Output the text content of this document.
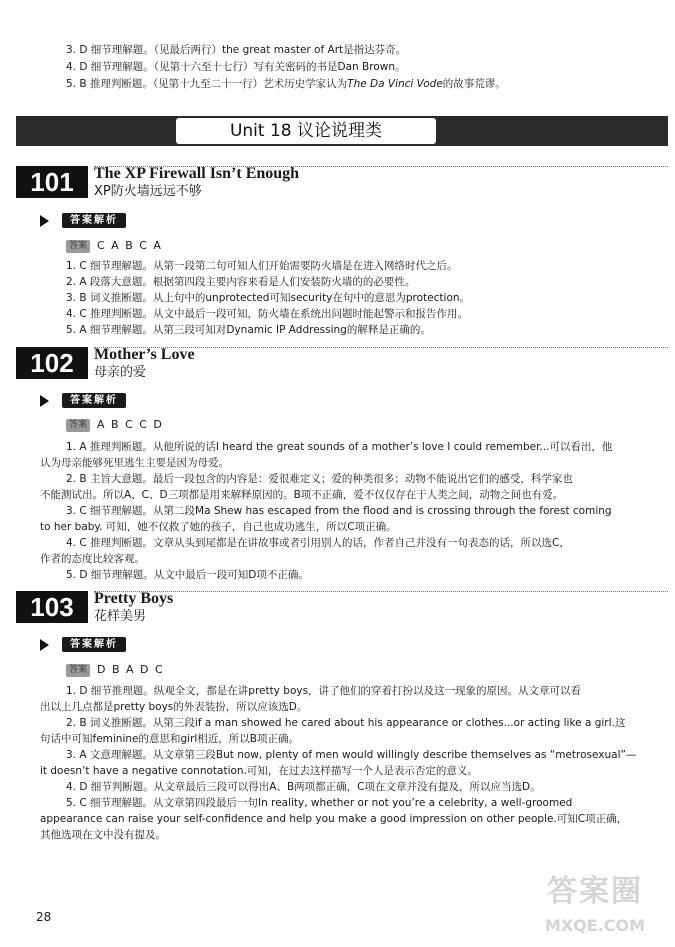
3. D 细节理解题。（见最后两行）the great master of Art是指达芬奇。
4. D 细节理解题。（见第十六至十七行）写有关密码的书是Dan Brown。
5. B 推理判断题。（见第十九至二十一行）艺术历史学家认为The Da Vinci Vode的故事荒谬。
Unit 18 议论说理类
101	The XP Firewall Isn’t Enough
XP防火墙远远不够
答案解析
答案 C A B C A
1. C 细节理解题。从第一段第二句可知人们开始需要防火墙是在进入网络时代之后。
2. A 段落大意题。根据第四段主要内容来看是人们安装防火墙的的必要性。
3. B 词义推断题。从上句中的unprotected可知security在句中的意思为protection。
4. C 推理判断题。从文中最后一段可知，防火墙在系统出问题时能起警示和报告作用。
5. A 细节理解题。从第三段可知对Dynamic IP Addressing的解释是正确的。
102	Mother’s Love
母亲的爱
答案解析
答案 A B C C D
1. A 推理判断题。从他所说的话I heard the great sounds of a mother’s love I could remember...可以看出，他
认为母亲能够死里逃生主要是因为母爱。
2. B 主旨大意题。最后一段包含的内容是：爱很难定义；爱的种类很多；动物不能说出它们的感受，科学家也
不能测试出。所以A、C、D三项都是用来解释原因的。B项不正确，爱不仅仅存在于人类之间，动物之间也有爱。
3. C 细节理解题。从第二段Ma Shew has escaped from the flood and is crossing through the forest coming
to her baby. 可知，她不仅救了她的孩子，自己也成功逃生，所以C项正确。
4. C 推理判断题。文章从头到尾都是在讲故事或者引用别人的话，作者自己并没有一句表态的话，所以选C，
作者的态度比较客观。
5. D 细节理解题。从文中最后一段可知D项不正确。
103	Pretty Boys
花样美男
答案解析
答案 D B A D C
1. D 细节推理题。纵观全文，都是在讲pretty boys，讲了他们的穿着打扮以及这一现象的原因。从文章可以看
出以上几点都是pretty boys的外表装扮，所以应该选D。
2. B 词义推断题。从第三段if a man showed he cared about his appearance or clothes...or acting like a girl.这
句话中可知feminine的意思和girl相近，所以B项正确。
3. A 文意理解题。从文章第三段But now, plenty of men would willingly describe themselves as “metrosexual”—
it doesn’t have a negative connotation.可知，在过去这样描写一个人是表示否定的意义。
4. D 细节判断题。从文章最后三段可以得出A、B两项都正确，C项在文章并没有提及，所以应当选D。
5. C 细节理解题。从文章第四段最后一句In reality, whether or not you’re a celebrity, a well-groomed
appearance can raise your self-confidence and help you make a good impression on other people.可知C项正确，
其他选项在文中没有提及。
28
答案圈
MXQE.COM
